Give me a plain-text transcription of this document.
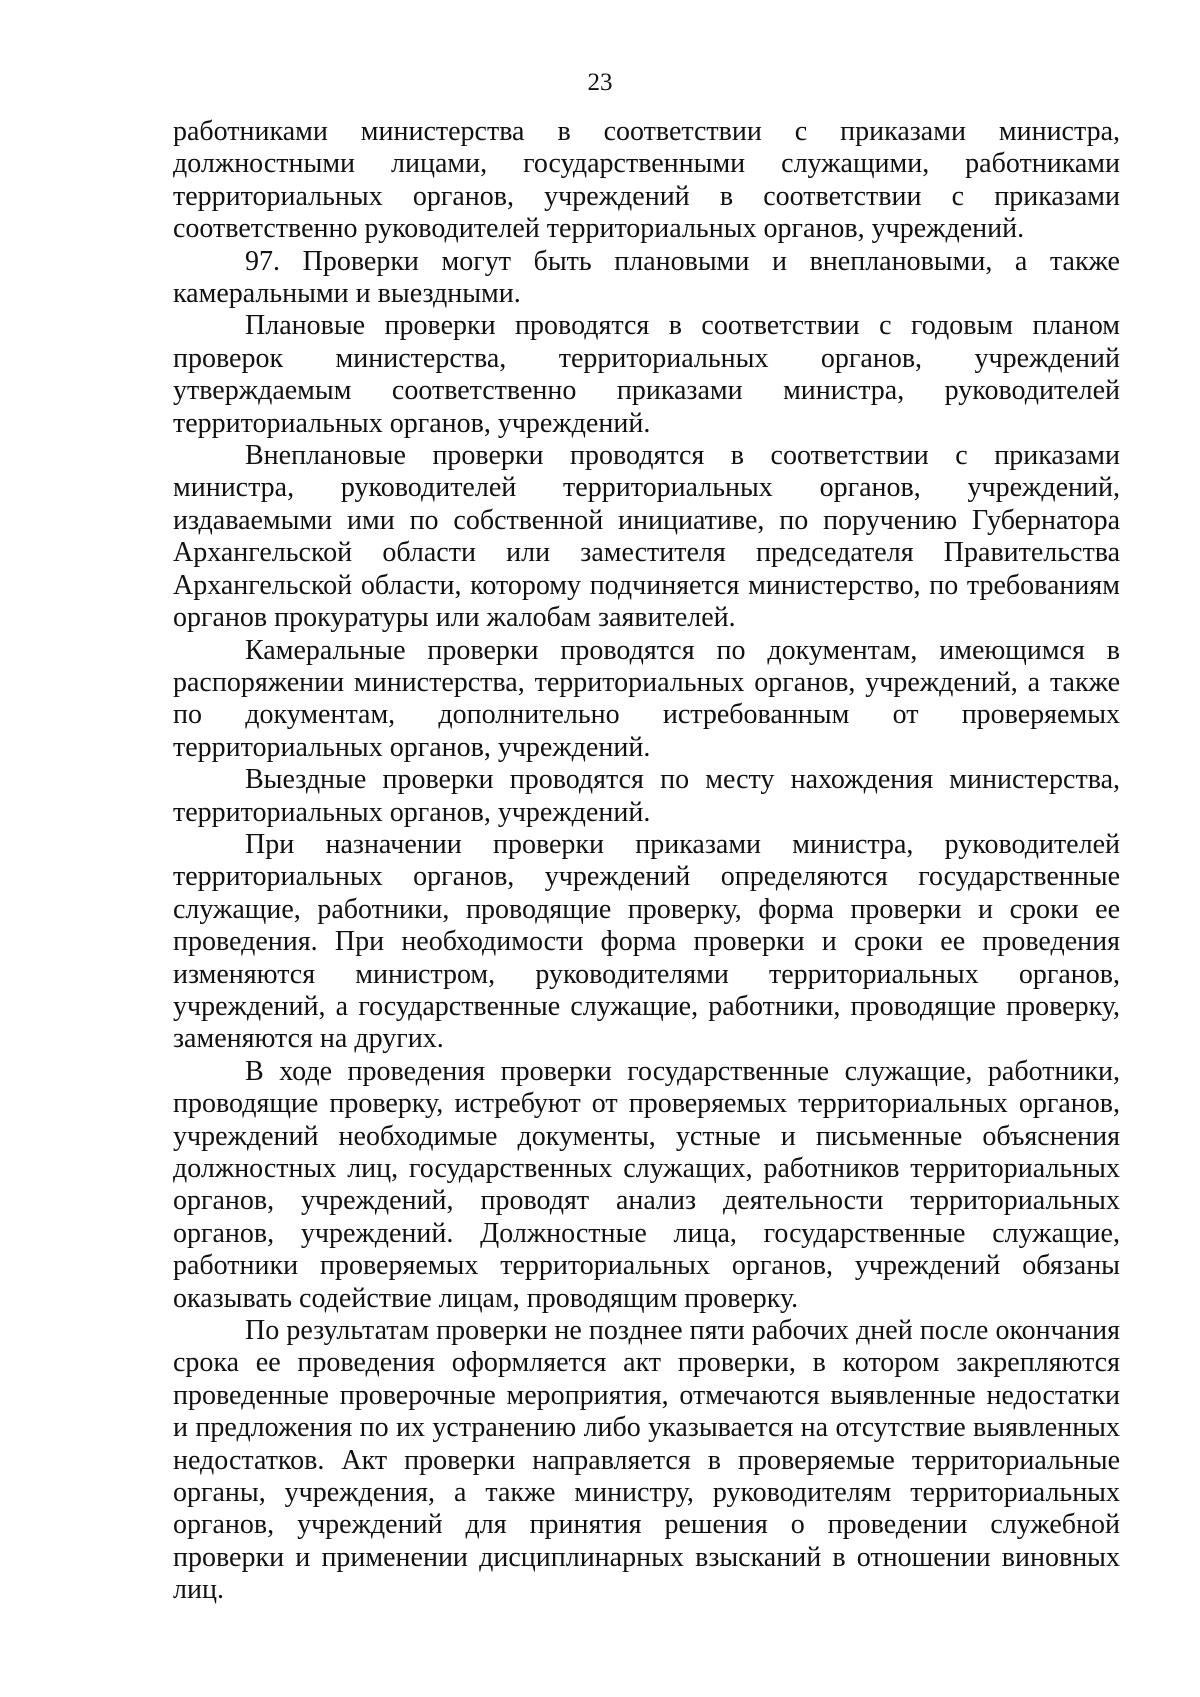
23

работниками министерства в соответствии с приказами министра, должностными лицами, государственными служащими, работниками территориальных органов, учреждений в соответствии с приказами соответственно руководителей территориальных органов, учреждений.

97. Проверки могут быть плановыми и внеплановыми, а также камеральными и выездными.

Плановые проверки проводятся в соответствии с годовым планом проверок министерства, территориальных органов, учреждений утверждаемым соответственно приказами министра, руководителей территориальных органов, учреждений.

Внеплановые проверки проводятся в соответствии с приказами министра, руководителей территориальных органов, учреждений, издаваемыми ими по собственной инициативе, по поручению Губернатора Архангельской области или заместителя председателя Правительства Архангельской области, которому подчиняется министерство, по требованиям органов прокуратуры или жалобам заявителей.

Камеральные проверки проводятся по документам, имеющимся в распоряжении министерства, территориальных органов, учреждений, а также по документам, дополнительно истребованным от проверяемых территориальных органов, учреждений.

Выездные проверки проводятся по месту нахождения министерства, территориальных органов, учреждений.

При назначении проверки приказами министра, руководителей территориальных органов, учреждений определяются государственные служащие, работники, проводящие проверку, форма проверки и сроки ее проведения. При необходимости форма проверки и сроки ее проведения изменяются министром, руководителями территориальных органов, учреждений, а государственные служащие, работники, проводящие проверку, заменяются на других.

В ходе проведения проверки государственные служащие, работники, проводящие проверку, истребуют от проверяемых территориальных органов, учреждений необходимые документы, устные и письменные объяснения должностных лиц, государственных служащих, работников территориальных органов, учреждений, проводят анализ деятельности территориальных органов, учреждений. Должностные лица, государственные служащие, работники проверяемых территориальных органов, учреждений обязаны оказывать содействие лицам, проводящим проверку.

По результатам проверки не позднее пяти рабочих дней после окончания срока ее проведения оформляется акт проверки, в котором закрепляются проведенные проверочные мероприятия, отмечаются выявленные недостатки и предложения по их устранению либо указывается на отсутствие выявленных недостатков. Акт проверки направляется в проверяемые территориальные органы, учреждения, а также министру, руководителям территориальных органов, учреждений для принятия решения о проведении служебной проверки и применении дисциплинарных взысканий в отношении виновных лиц.
